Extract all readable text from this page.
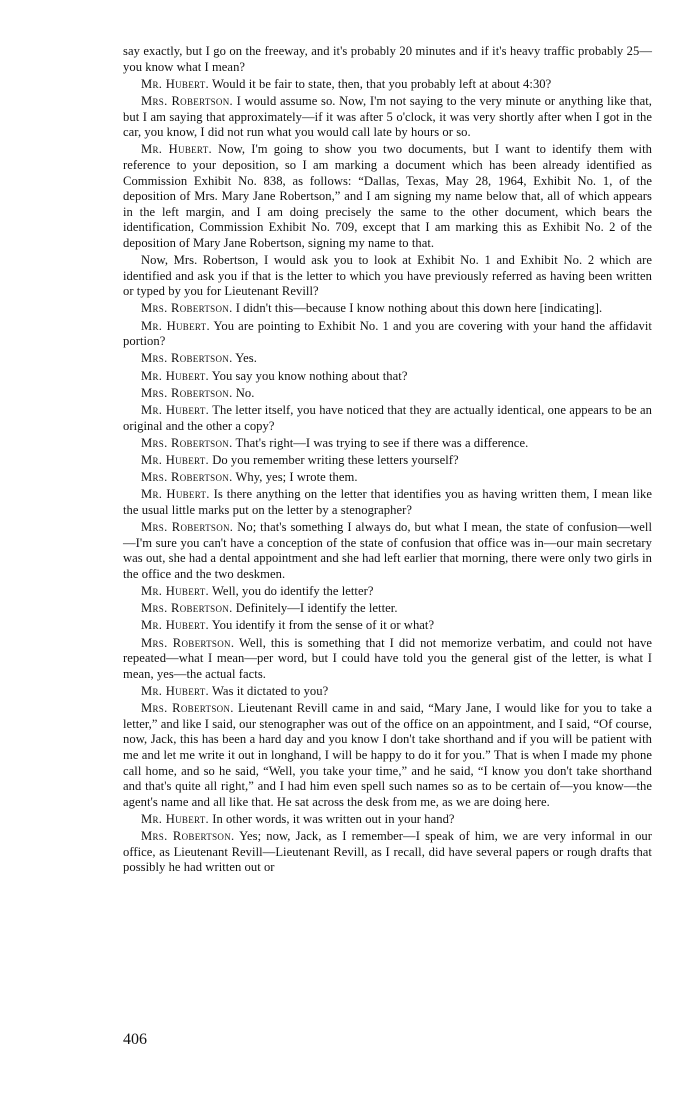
say exactly, but I go on the freeway, and it's probably 20 minutes and if it's heavy traffic probably 25—you know what I mean?

Mr. Hubert. Would it be fair to state, then, that you probably left at about 4:30?

Mrs. Robertson. I would assume so. Now, I'm not saying to the very minute or anything like that, but I am saying that approximately—if it was after 5 o'clock, it was very shortly after when I got in the car, you know, I did not run what you would call late by hours or so.

Mr. Hubert. Now, I'm going to show you two documents, but I want to identify them with reference to your deposition, so I am marking a document which has been already identified as Commission Exhibit No. 838, as follows: “Dallas, Texas, May 28, 1964, Exhibit No. 1, of the deposition of Mrs. Mary Jane Robertson,” and I am signing my name below that, all of which appears in the left margin, and I am doing precisely the same to the other document, which bears the identification, Commission Exhibit No. 709, except that I am marking this as Exhibit No. 2 of the deposition of Mary Jane Robertson, signing my name to that.

Now, Mrs. Robertson, I would ask you to look at Exhibit No. 1 and Exhibit No. 2 which are identified and ask you if that is the letter to which you have previously referred as having been written or typed by you for Lieutenant Revill?

Mrs. Robertson. I didn't this—because I know nothing about this down here [indicating].

Mr. Hubert. You are pointing to Exhibit No. 1 and you are covering with your hand the affidavit portion?

Mrs. Robertson. Yes.

Mr. Hubert. You say you know nothing about that?

Mrs. Robertson. No.

Mr. Hubert. The letter itself, you have noticed that they are actually identical, one appears to be an original and the other a copy?

Mrs. Robertson. That's right—I was trying to see if there was a difference.

Mr. Hubert. Do you remember writing these letters yourself?

Mrs. Robertson. Why, yes; I wrote them.

Mr. Hubert. Is there anything on the letter that identifies you as having written them, I mean like the usual little marks put on the letter by a stenographer?

Mrs. Robertson. No; that's something I always do, but what I mean, the state of confusion—well—I'm sure you can't have a conception of the state of confusion that office was in—our main secretary was out, she had a dental appointment and she had left earlier that morning, there were only two girls in the office and the two deskmen.

Mr. Hubert. Well, you do identify the letter?

Mrs. Robertson. Definitely—I identify the letter.

Mr. Hubert. You identify it from the sense of it or what?

Mrs. Robertson. Well, this is something that I did not memorize verbatim, and could not have repeated—what I mean—per word, but I could have told you the general gist of the letter, is what I mean, yes—the actual facts.

Mr. Hubert. Was it dictated to you?

Mrs. Robertson. Lieutenant Revill came in and said, “Mary Jane, I would like for you to take a letter,” and like I said, our stenographer was out of the office on an appointment, and I said, “Of course, now, Jack, this has been a hard day and you know I don't take shorthand and if you will be patient with me and let me write it out in longhand, I will be happy to do it for you.” That is when I made my phone call home, and so he said, “Well, you take your time,” and he said, “I know you don't take shorthand and that's quite all right,” and I had him even spell such names so as to be certain of—you know—the agent's name and all like that. He sat across the desk from me, as we are doing here.

Mr. Hubert. In other words, it was written out in your hand?

Mrs. Robertson. Yes; now, Jack, as I remember—I speak of him, we are very informal in our office, as Lieutenant Revill—Lieutenant Revill, as I recall, did have several papers or rough drafts that possibly he had written out or

406
